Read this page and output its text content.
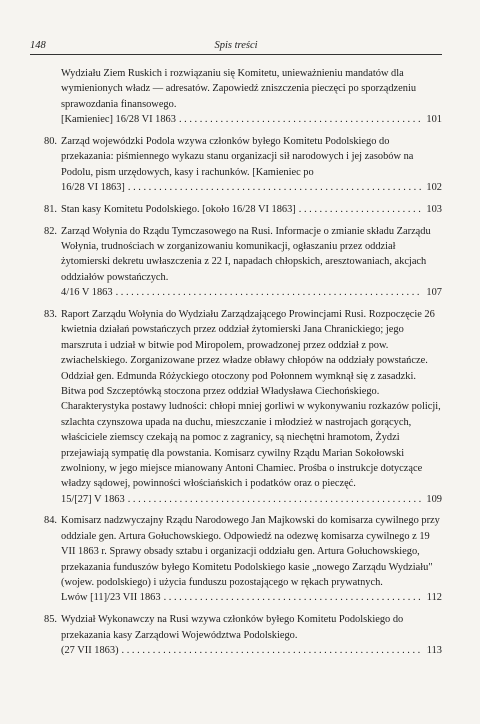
148	Spis treści
Wydziału Ziem Ruskich i rozwiązaniu się Komitetu, unieważnieniu mandatów dla wymienionych władz — adresatów. Zapowiedź zniszczenia pieczęci po sporządzeniu sprawozdania finansowego.
[Kamieniec] 16/28 VI 1863 . . .	101
80. Zarząd wojewódzki Podola wzywa członków byłego Komitetu Podolskiego do przekazania: piśmiennego wykazu stanu organizacji sił narodowych i jej zasobów na Podolu, pism urzędowych, kasy i rachunków. [Kamieniec po
16/28 VI 1863] . . .	102
81. Stan kasy Komitetu Podolskiego. [około 16/28 VI 1863] . . .	103
82. Zarząd Wołynia do Rządu Tymczasowego na Rusi. Informacje o zmianie składu Zarządu Wołynia, trudnościach w zorganizowaniu komunikacji, ogłaszaniu przez oddział żytomierski dekretu uwłaszczenia z 22 I, napadach chłopskich, aresztowaniach, akcjach oddziałów powstańczych.
4/16 V 1863 . . .	107
83. Raport Zarządu Wołynia do Wydziału Zarządzającego Prowincjami Rusi. Rozpoczęcie 26 kwietnia działań powstańczych przez oddział żytomierski Jana Chranickiego; jego marszruta i udział w bitwie pod Miropolem, prowadzonej przez oddział z pow. zwiachelskiego. Zorganizowane przez władze obławy chłopów na oddziały powstańcze. Oddział gen. Edmunda Różyckiego otoczony pod Połonnem wymknął się z zasadzki. Bitwa pod Szczeptówką stoczona przez oddział Władysława Ciechońskiego. Charakterystyka postawy ludności: chłopi mniej gorliwi w wykonywaniu rozkazów policji, szlachta czynszowa upada na duchu, mieszczanie i młodzież w nastrojach gorących, właściciele ziemscy czekają na pomoc z zagranicy, są niechętni hramotom, Żydzi przejawiają sympatię dla powstania. Komisarz cywilny Rządu Marian Sokołowski zwolniony, w jego miejsce mianowany Antoni Chamiec. Prośba o instrukcje dotyczące władzy sądowej, powinności włościańskich i podatków oraz o pieczęć.
15/[27] V 1863 . . .	109
84. Komisarz nadzwyczajny Rządu Narodowego Jan Majkowski do komisarza cywilnego przy oddziale gen. Artura Gołuchowskiego. Odpowiedź na odezwę komisarza cywilnego z 19 VII 1863 r. Sprawy obsady sztabu i organizacji oddziału gen. Artura Gołuchowskiego, przekazania funduszów byłego Komitetu Podolskiego kasie „nowego Zarządu Wydziału" (wojew. podolskiego) i użycia funduszu pozostającego w rękach prywatnych.
Lwów [11]/23 VII 1863 . . .	112
85. Wydział Wykonawczy na Rusi wzywa członków byłego Komitetu Podolskiego do przekazania kasy Zarządowi Województwa Podolskiego.
(27 VII 1863) . . .	113
